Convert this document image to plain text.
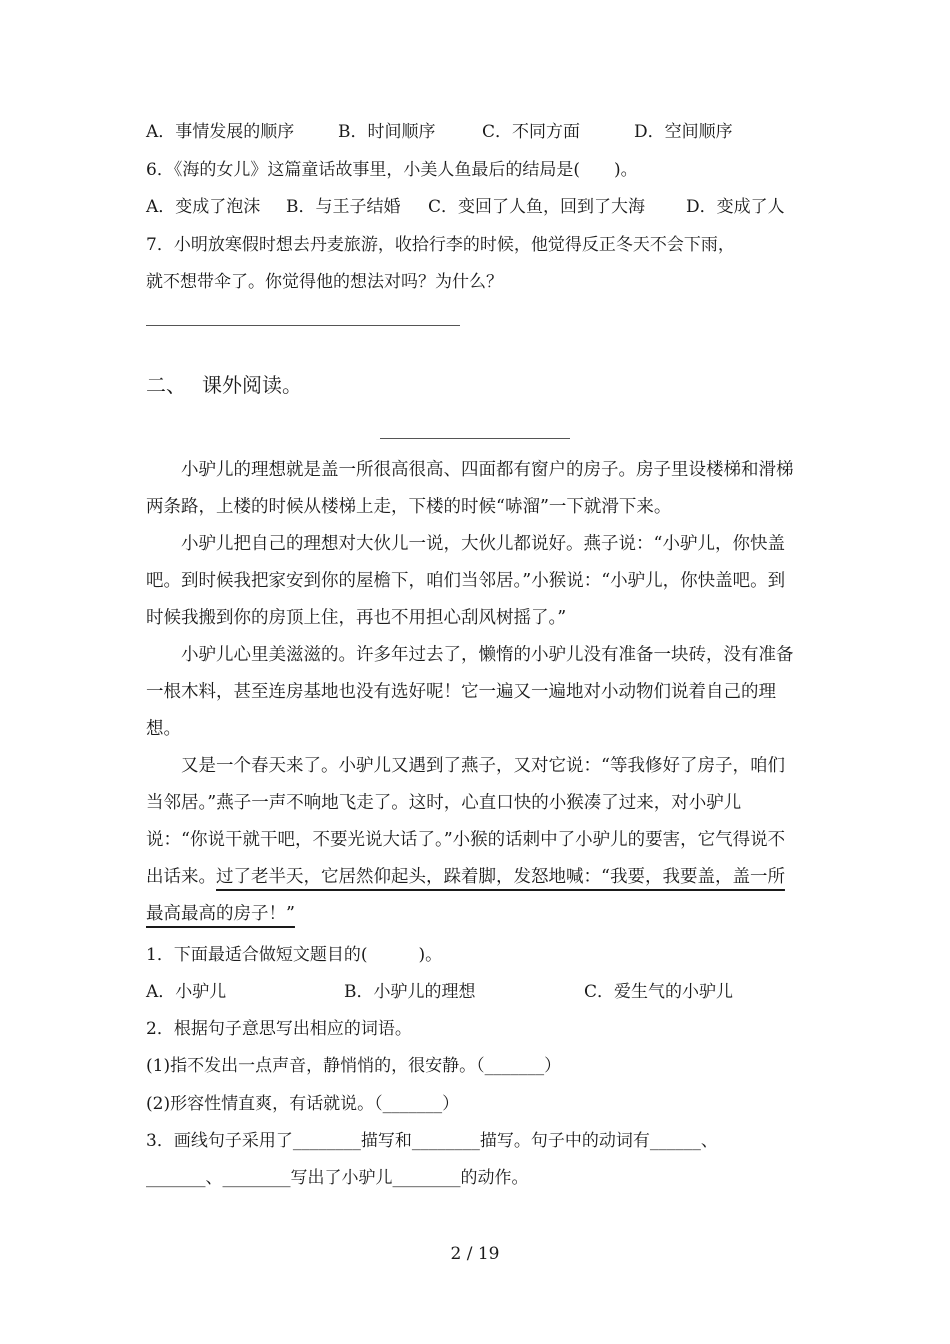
A．事情发展的顺序	B．时间顺序	C．不同方面	D．空间顺序
6．《海的女儿》这篇童话故事里，小美人鱼最后的结局是(　　)。
A．变成了泡沫 B．与王子结婚 C．变回了人鱼，回到了大海 D．变成了人
7．小明放寒假时想去丹麦旅游，收拾行李的时候，他觉得反正冬天不会下雨，
就不想带伞了。你觉得他的想法对吗？为什么？
二、 课外阅读。

小驴儿的理想就是盖一所很高很高、四面都有窗户的房子。房子里设楼梯和滑梯两条路，上楼的时候从楼梯上走，下楼的时候“哧溜”一下就滑下来。

小驴儿把自己的理想对大伙儿一说，大伙儿都说好。燕子说：“小驴儿，你快盖吧。到时候我把家安到你的屋檐下，咱们当邻居。”小猴说：“小驴儿，你快盖吧。到时候我搬到你的房顶上住，再也不用担心刮风树摇了。”

小驴儿心里美滋滋的。许多年过去了，懒惰的小驴儿没有准备一块砖，没有准备一根木料，甚至连房基地也没有选好呢！它一遍又一遍地对小动物们说着自己的理想。

又是一个春天来了。小驴儿又遇到了燕子，又对它说：“等我修好了房子，咱们当邻居。”燕子一声不响地飞走了。这时，心直口快的小猴凑了过来，对小驴儿说：“你说干就干吧，不要光说大话了。”小猴的话刺中了小驴儿的要害，它气得说不出话来。过了老半天，它居然仰起头，跺着脚，发怒地喊：“我要，我要盖，盖一所最高最高的房子！”

1．下面最适合做短文题目的(　　　)。
A．小驴儿	B．小驴儿的理想	C．爱生气的小驴儿
2．根据句子意思写出相应的词语。
(1)指不发出一点声音，静悄悄的，很安静。（_______）
(2)形容性情直爽，有话就说。（_______）
3．画线句子采用了________描写和________描写。句子中的动词有______、
_______、________写出了小驴儿________的动作。
2 / 19
